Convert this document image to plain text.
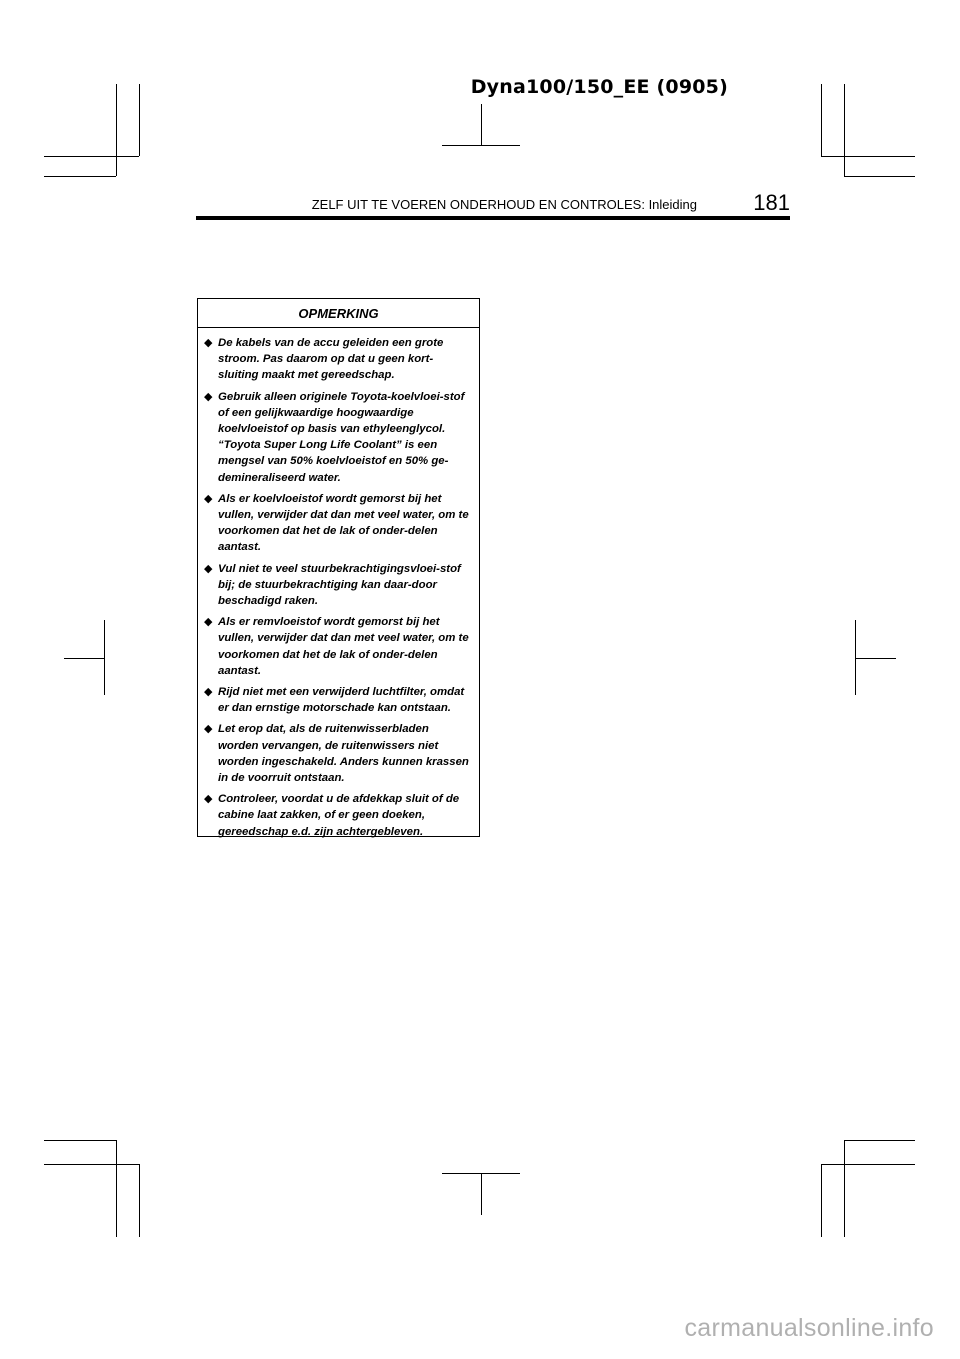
Dyna100/150_EE (0905)
ZELF UIT TE VOEREN ONDERHOUD EN CONTROLES: Inleiding	181
OPMERKING
◆ De kabels van de accu geleiden een grote stroom. Pas daarom op dat u geen kort-sluiting maakt met gereedschap.
◆ Gebruik alleen originele Toyota-koelvloei-stof of een gelijkwaardige hoogwaardige koelvloeistof op basis van ethyleenglycol. “Toyota Super Long Life Coolant” is een mengsel van 50% koelvloeistof en 50% ge-demineraliseerd water.
◆ Als er koelvloeistof wordt gemorst bij het vullen, verwijder dat dan met veel water, om te voorkomen dat het de lak of onder-delen aantast.
◆ Vul niet te veel stuurbekrachtigingsvloei-stof bij; de stuurbekrachtiging kan daar-door beschadigd raken.
◆ Als er remvloeistof wordt gemorst bij het vullen, verwijder dat dan met veel water, om te voorkomen dat het de lak of onder-delen aantast.
◆ Rijd niet met een verwijderd luchtfilter, omdat er dan ernstige motorschade kan ontstaan.
◆ Let erop dat, als de ruitenwisserbladen worden vervangen, de ruitenwissers niet worden ingeschakeld. Anders kunnen krassen in de voorruit ontstaan.
◆ Controleer, voordat u de afdekkap sluit of de cabine laat zakken, of er geen doeken, gereedschap e.d. zijn achtergebleven.
carmanualsonline.info
